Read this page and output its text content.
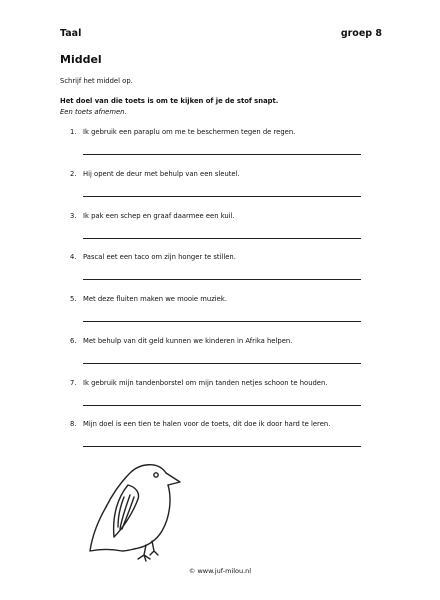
Taal	groep 8
Middel
Schrijf het middel op.
Het doel van die toets is om te kijken of je de stof snapt.
Een toets afnemen.
1. Ik gebruik een paraplu om me te beschermen tegen de regen.
2. Hij opent de deur met behulp van een sleutel.
3. Ik pak een schep en graaf daarmee een kuil.
4. Pascal eet een taco om zijn honger te stillen.
5. Met deze fluiten maken we mooie muziek.
6. Met behulp van dit geld kunnen we kinderen in Afrika helpen.
7. Ik gebruik mijn tandenborstel om mijn tanden netjes schoon te houden.
8. Mijn doel is een tien te halen voor de toets, dit doe ik door hard te leren.
© www.juf-milou.nl
